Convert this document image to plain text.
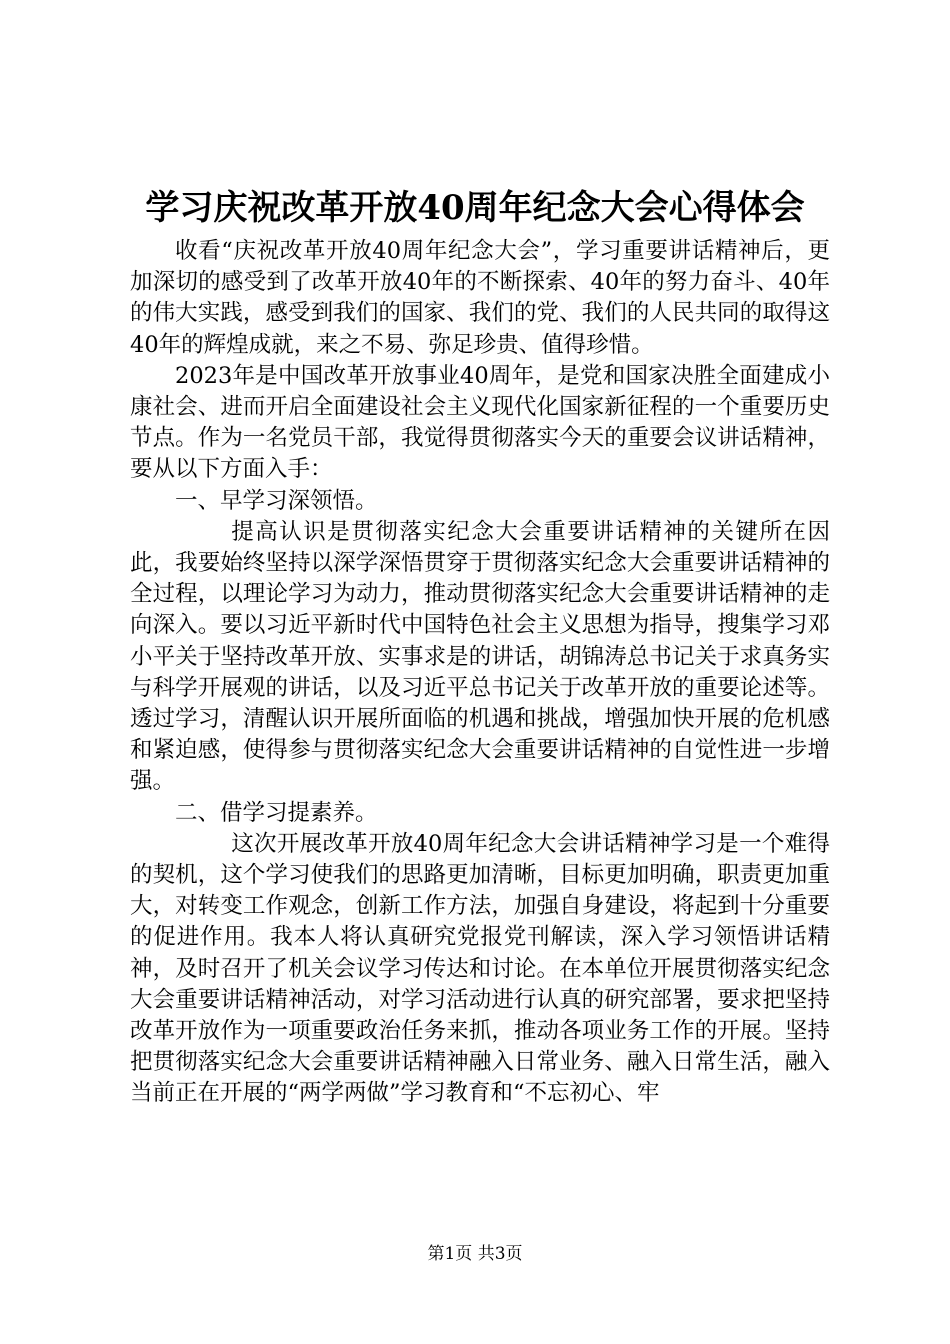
学习庆祝改革开放40周年纪念大会心得体会

收看“庆祝改革开放40周年纪念大会”，学习重要讲话精神后，更加深切的感受到了改革开放40年的不断探索、40年的努力奋斗、40年的伟大实践，感受到我们的国家、我们的党、我们的人民共同的取得这40年的辉煌成就，来之不易、弥足珍贵、值得珍惜。

2023年是中国改革开放事业40周年，是党和国家决胜全面建成小康社会、进而开启全面建设社会主义现代化国家新征程的一个重要历史节点。作为一名党员干部，我觉得贯彻落实今天的重要会议讲话精神，要从以下方面入手：

一、早学习深领悟。

提高认识是贯彻落实纪念大会重要讲话精神的关键所在因此，我要始终坚持以深学深悟贯穿于贯彻落实纪念大会重要讲话精神的全过程，以理论学习为动力，推动贯彻落实纪念大会重要讲话精神的走向深入。要以习近平新时代中国特色社会主义思想为指导，搜集学习邓小平关于坚持改革开放、实事求是的讲话，胡锦涛总书记关于求真务实与科学开展观的讲话，以及习近平总书记关于改革开放的重要论述等。透过学习，清醒认识开展所面临的机遇和挑战，增强加快开展的危机感和紧迫感，使得参与贯彻落实纪念大会重要讲话精神的自觉性进一步增强。

二、借学习提素养。

这次开展改革开放40周年纪念大会讲话精神学习是一个难得的契机，这个学习使我们的思路更加清晰，目标更加明确，职责更加重大，对转变工作观念，创新工作方法，加强自身建设，将起到十分重要的促进作用。我本人将认真研究党报党刊解读，深入学习领悟讲话精神，及时召开了机关会议学习传达和讨论。在本单位开展贯彻落实纪念大会重要讲话精神活动，对学习活动进行认真的研究部署，要求把坚持改革开放作为一项重要政治任务来抓，推动各项业务工作的开展。坚持把贯彻落实纪念大会重要讲话精神融入日常业务、融入日常生活，融入当前正在开展的“两学两做”学习教育和“不忘初心、牢

第1页 共3页
